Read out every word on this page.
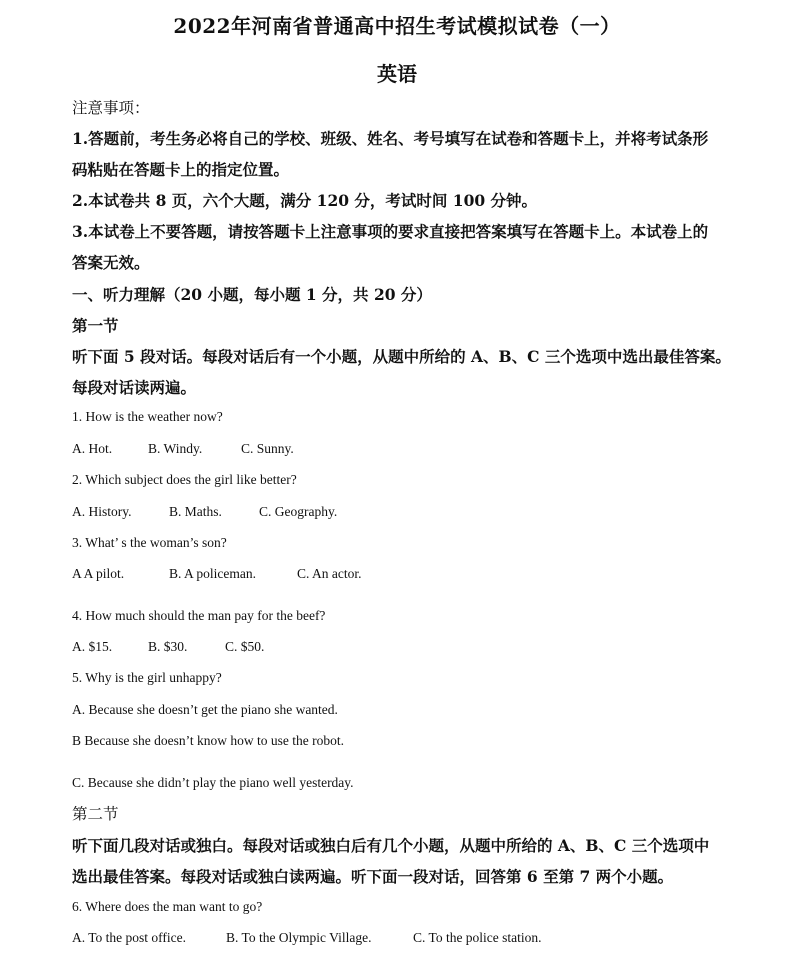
2022年河南省普通高中招生考试模拟试卷（一）
英语
注意事项：
1.答题前，考生务必将自己的学校、班级、姓名、考号填写在试卷和答题卡上，并将考试条形
码粘贴在答题卡上的指定位置。
2.本试卷共 8 页，六个大题，满分 120 分，考试时间 100 分钟。
3.本试卷上不要答题，请按答题卡上注意事项的要求直接把答案填写在答题卡上。本试卷上的
答案无效。
一、听力理解（20 小题，每小题 1 分，共 20 分）
第一节
听下面 5 段对话。每段对话后有一个小题，从题中所给的 A、B、C 三个选项中选出最佳答案。
每段对话读两遍。
1. How is the weather now?
A. Hot.	B. Windy.	C. Sunny.
2. Which subject does the girl like better?
A. History.	B. Maths.	C. Geography.
3. What’ s the woman’s son?
A A pilot.	B. A policeman.	C. An actor.
4. How much should the man pay for the beef?
A. $15.	B. $30.	C. $50.
5. Why is the girl unhappy?
A. Because she doesn’t get the piano she wanted.
B Because she doesn’t know how to use the robot.
C. Because she didn’t play the piano well yesterday.
第二节
听下面几段对话或独白。每段对话或独白后有几个小题，从题中所给的 A、B、C 三个选项中
选出最佳答案。每段对话或独白读两遍。听下面一段对话，回答第 6 至第 7 两个小题。
6. Where does the man want to go?
A. To the post office.	B. To the Olympic Village.	C. To the police station.
